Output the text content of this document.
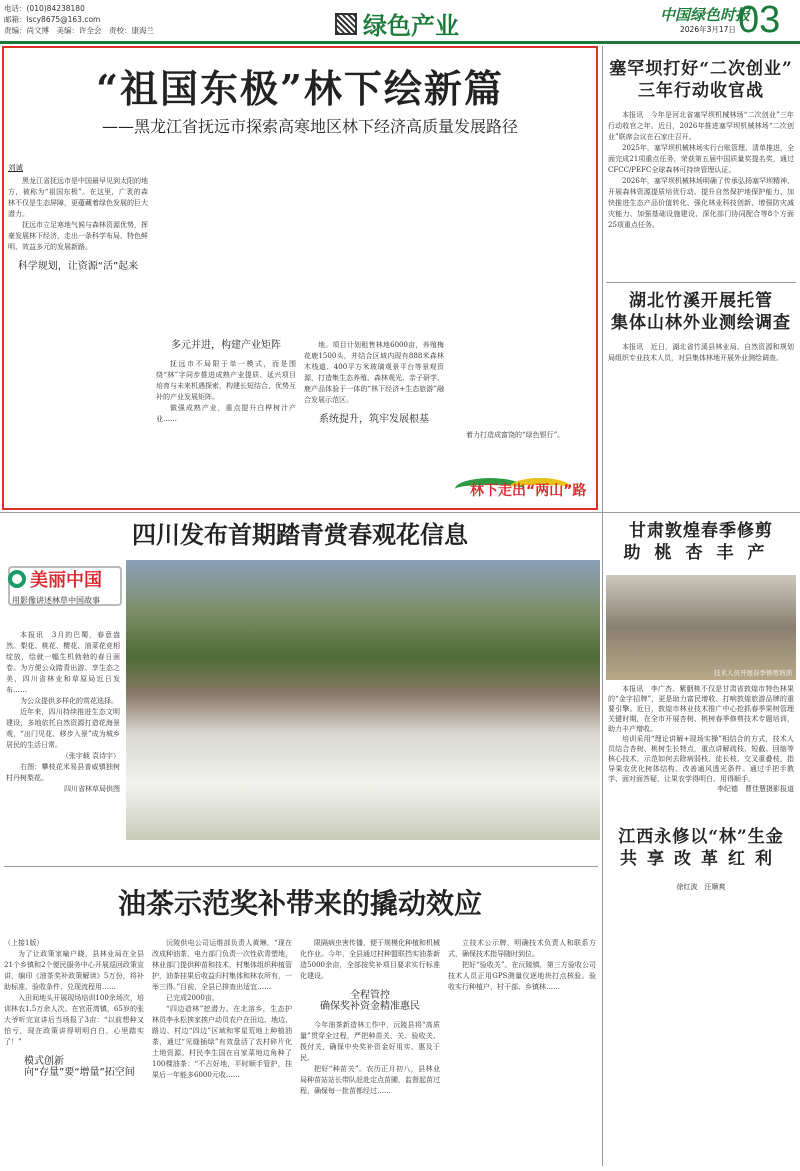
电话：(010)84238180
邮箱：lscy8675@163.com
责编：尚文博　美编：许全会　责校：康海兰	绿色产业	中国绿色时报
2026年3月17日 03
“祖国东极”林下绘新篇
——黑龙江省抚远市探索高寒地区林下经济高质量发展路径
刘诚

黑龙江省抚远市是中国最早见到太阳的地方，被称为“祖国东极”。在这里，广袤的森林不仅是生态屏障，更蕴藏着绿色发展的巨大潜力。

抚远市立足寒地气候与森林资源优势，挥豪发展林下经济，走出一条科学布局、特色鲜明、效益多元的发展新路。

科学规划，让资源“活”起来
多元并进，构建产业矩阵

抚远市不局限于单一模式，而是围绕“林”字同步推进成熟产业提质、延兴项目培育与未来机遇探索，构建长短结合、优势互补的产业发展矩阵。

做强成熟产业，重点提升白桦树汁产业……

地。项目计划租售林地6000亩，养殖梅花鹿1500头，并结合区域内现有888米森林木栈道、400平方米玻璃观景平台等景观资源，打造集生态养殖、森林观光、亲子研学、鹿产品体验于一体的“林下经济+生态旅游”融合发展示范区。

系统提升，筑牢发展根基

着力打造成富饶的“绿色银行”。

林下走出“两山”路
塞罕坝打好“二次创业”
三年行动收官战

本报讯　今年是河北省塞罕坝机械林场“二次创业”三年行动收官之年。近日，2026年推进塞罕坝机械林场“二次创业”联席会议在石家庄召开。

2025年，塞罕坝机械林场实行台账管理、清单推进，全面完成21项重点任务，荣获第五届中国质量奖提名奖，通过CFCC/PEFC全球森林可持续管理认证。

2026年，塞罕坝机械林场明确了传承弘扬塞罕坝精神、开展森林资源提质培优行动、提升自然保护地保护能力、加快推进生态产品价值转化、强化林业科技创新、增强防灾减灾能力、加强基础设施建设、深化部门协同配合等8个方面25项重点任务。

湖北竹溪开展托管
集体山林外业测绘调查

本报讯　近日，湖北省竹溪县林业局、自然资源和规划局组织专业技术人员，对县集体林地开展外业测绘调查。

四川发布首期踏青赏春观花信息
美丽中国
用影像讲述林草中国故事

本报讯　3月的巴蜀，春意盎然。梨花、桃花、樱花、油菜花竞相绽放，绘就一幅生机勃勃的春日画卷。为方便公众踏青出游、享生态之美，四川省林业和草原局近日发布……

为公众提供多样化的赏花选择。

近年来，四川持续推进生态文明建设，多地依托自然资源打造花海景观，“出门见花、移步入景”成为城乡居民的生活日常。

（张宇载 袁诗宇）

右图：攀枝花米易县普威镇独树村丹树梨花。

四川省林草局供图
甘肃敦煌春季修剪
助桃杏丰产
技术人员开展春季修剪培训

本报讯　李广杏、紫胭桃不仅是甘肃省敦煌市特色林果的“金字招牌”，更是助力富民增收、打响敦煌旅游品牌的重要引擎。近日，敦煌市林业技术推广中心抢抓春季果树管理关键时期，在全市开展杏树、桃树春季修剪技术专题培训，助力丰产增收。

培训采用“理论讲解+现场实操”相结合的方式，技术人员结合杏树、桃树生长特点，重点讲解疏枝、短截、回缩等核心技术，示范如何去除病弱枝、徒长枝、交叉重叠枝，指导果农优化树体结构、改善通风透光条件。通过手把手教学、面对面答疑，让果农学得明白、用得顺手。

李纪德　曹佳慧摄影报道
江西永修以“林”生金
共享改革红利
徐红波　汪顺爽
油茶示范奖补带来的撬动效应
（上接1版）

为了让政策家喻户晓，县林业局在全县21个乡镇和2个便民服务中心开展巡回政策宣讲，编印《油茶奖补政策解读》5万份，将补助标准、验收条件、兑现流程用……

入田间地头开展现场培训100余场次，培训林农1.5万余人次。在官莊湾镇，65岁的张大爷听完宣讲后当场报了3亩：“以前想种又怕亏，现在政策讲得明明白白，心里踏实了！”

模式创新
向“存量”要“增量”拓空间

沅陵供电公司运维部负责人黄琳，“现在改成种油茶，电力部门负责一次性砍青塑地，林业部门提供种苗和技术，村集体组织种植管护，油茶挂果后收益归村集体和林农所有，一举三得。”目前，全县已排查出适宜……

已完成2000亩。

“四边造林”挖潜力。在北溶乡，生态护林员李永松挨家挨户动员农户在田边、地边、路边、村边“四边”区域和零星荒地上种植油茶，通过“见缝插绿”有效盘活了农村碎片化土地资源。村民李生国在自家菜地边角种了100棵油茶：“不占好地，平时顺手管护，挂果后一年能多6000元收……

限隔病虫害传播，便于规模化种植和机械化作业。今年，全县通过村种盟联挡实油茶新造5000余亩，全部按奖补项目要求实行标准化建设。

全程管控
确保奖补资金精准惠民

今年油茶新造林工作中，沅陵县将“高质量”贯穿全过程，严把种苗关、关、验收关、拨付关，确保中央奖补资金好用实、惠及于民。

把好“种苗关”。农历正月初八，县林业局种苗站站长带队赶赴定点苗圃，监督起苗过程，确保每一批苗都经过……

立技术公示牌，明确技术负责人和联系方式，确保技术指导随时到位。

把好“验收关”。在沅陵镇，第三方验收公司技术人员正用GPS测量仪逐地块打点核验。验收实行种植户、村干部、乡镇林……
